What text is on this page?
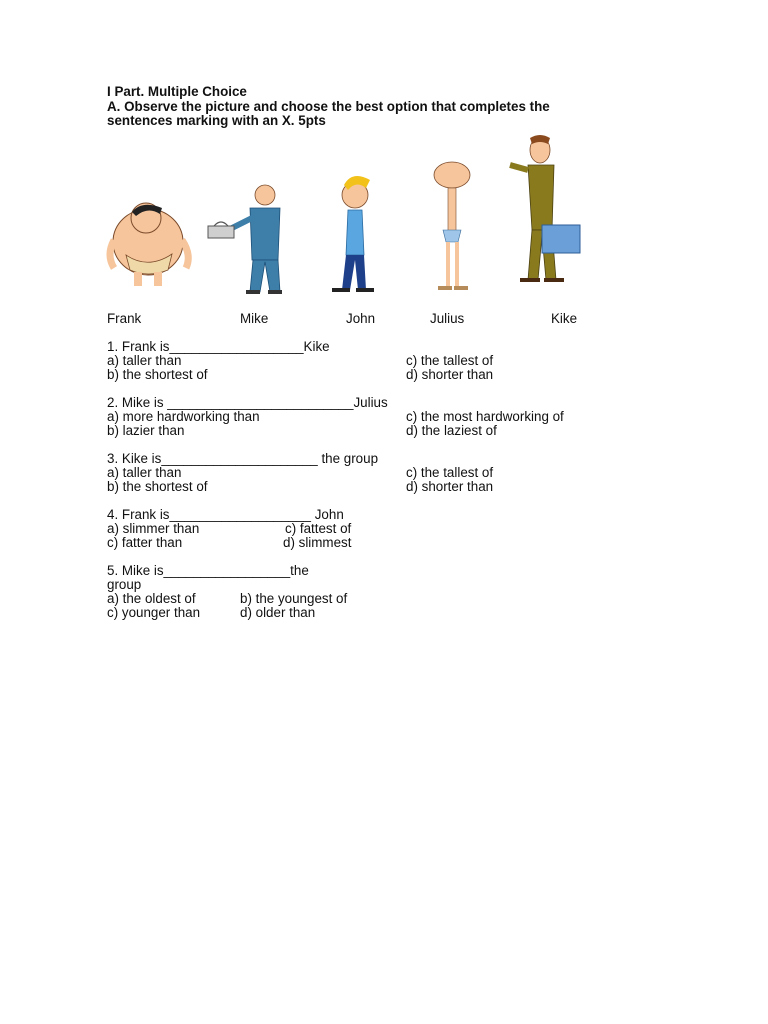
I Part. Multiple Choice
A. Observe the picture and choose the best option that completes the
sentences marking with an X. 5pts
Frank	Mike	John	Julius	Kike
1. Frank is__________________Kike
a) taller than	c) the tallest of
b) the shortest of	d) shorter than
2. Mike is _________________________Julius
a) more hardworking than	c) the most hardworking of
b) lazier than	d) the laziest of
3. Kike is_____________________ the group
a) taller than	c) the tallest of
b) the shortest of	d) shorter than
4. Frank is___________________ John
a) slimmer than	c) fattest of
c) fatter than	d) slimmest
5. Mike is_________________the
group
a) the oldest of	b) the youngest of
c) younger than	d) older than
